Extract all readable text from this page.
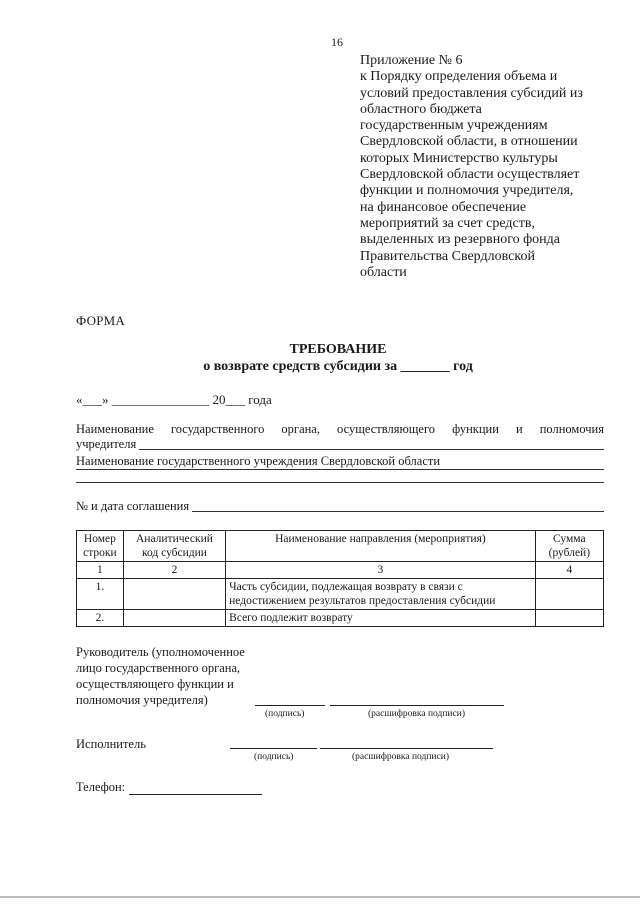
16
Приложение № 6
к Порядку определения объема и
условий предоставления субсидий из
областного бюджета
государственным учреждениям
Свердловской области, в отношении
которых Министерство культуры
Свердловской области осуществляет
функции и полномочия учредителя,
на финансовое обеспечение
мероприятий за счет средств,
выделенных из резервного фонда
Правительства Свердловской
области
ФОРМА
ТРЕБОВАНИЕ
о возврате средств субсидии за _______ год
«___» _______________ 20___ года
Наименование государственного органа, осуществляющего функции и полномочия
учредителя
Наименование государственного учреждения Свердловской области
№ и дата соглашения
Номер строки	Аналитический код субсидии	Наименование направления (мероприятия)	Сумма (рублей)
1	2	3	4
1.		Часть субсидии, подлежащая возврату в связи с недостижением результатов предоставления субсидии	
2.		Всего подлежит возврату	
Руководитель (уполномоченное лицо государственного органа, осуществляющего функции и полномочия учредителя)
(подпись)	(расшифровка подписи)
Исполнитель
(подпись)	(расшифровка подписи)
Телефон:
